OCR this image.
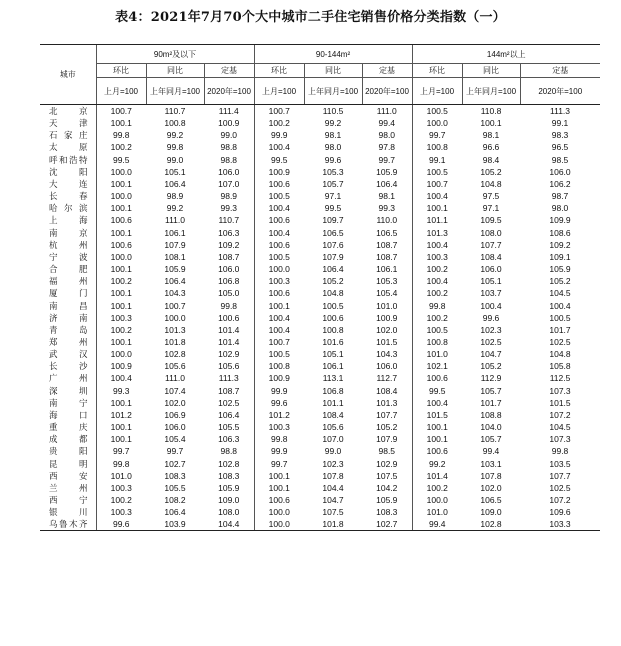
表4：2021年7月70个大中城市二手住宅销售价格分类指数（一）
城市	90m²及以下			90-144m²			144m²以上		
	环比	同比	定基	环比	同比	定基	环比	同比	定基
	上月=100	上年同月=100	2020年=100	上月=100	上年同月=100	2020年=100	上月=100	上年同月=100	2020年=100
北京	100.7	110.7	111.4	100.7	110.5	111.0	100.5	110.8	111.3
天津	100.1	100.8	100.9	100.2	99.2	99.4	100.0	100.1	99.1
石家庄	99.8	99.2	99.0	99.9	98.1	98.0	99.7	98.1	98.3
太原	100.2	99.8	98.8	100.4	98.0	97.8	100.8	96.6	96.5
呼和浩特	99.5	99.0	98.8	99.5	99.6	99.7	99.1	98.4	98.5
沈阳	100.0	105.1	106.0	100.9	105.3	105.9	100.5	105.2	106.0
大连	100.1	106.4	107.0	100.6	105.7	106.4	100.7	104.8	106.2
长春	100.0	98.9	98.9	100.5	97.1	98.1	100.4	97.5	98.7
哈尔滨	100.1	99.2	99.3	100.4	99.5	99.3	100.1	97.1	98.0
上海	100.6	111.0	110.7	100.6	109.7	110.0	101.1	109.5	109.9
南京	100.1	106.1	106.3	100.4	106.5	106.5	101.3	108.0	108.6
杭州	100.6	107.9	109.2	100.6	107.6	108.7	100.4	107.7	109.2
宁波	100.0	108.1	108.7	100.5	107.9	108.7	100.3	108.4	109.1
合肥	100.1	105.9	106.0	100.0	106.4	106.1	100.2	106.0	105.9
福州	100.2	106.4	106.8	100.3	105.2	105.3	100.4	105.1	105.2
厦门	100.1	104.3	105.0	100.6	104.8	105.4	100.2	103.7	104.5
南昌	100.1	100.7	99.8	100.1	100.5	101.0	99.8	100.4	100.4
济南	100.3	100.0	100.6	100.4	100.6	100.9	100.2	99.6	100.5
青岛	100.2	101.3	101.4	100.4	100.8	102.0	100.5	102.3	101.7
郑州	100.1	101.8	101.4	100.7	101.6	101.5	100.8	102.5	102.5
武汉	100.0	102.8	102.9	100.5	105.1	104.3	101.0	104.7	104.8
长沙	100.9	105.6	105.6	100.8	106.1	106.0	102.1	105.2	105.8
广州	100.4	111.0	111.3	100.9	113.1	112.7	100.6	112.9	112.5
深圳	99.3	107.4	108.7	99.9	106.8	108.4	99.5	105.7	107.3
南宁	100.1	102.0	102.5	99.6	101.1	101.3	100.4	101.7	101.5
海口	101.2	106.9	106.4	101.2	108.4	107.7	101.5	108.8	107.2
重庆	100.1	106.0	105.5	100.3	105.6	105.2	100.1	104.0	104.5
成都	100.1	105.4	106.3	99.8	107.0	107.9	100.1	105.7	107.3
贵阳	99.7	99.7	98.8	99.9	99.0	98.5	100.6	99.4	99.8
昆明	99.8	102.7	102.8	99.7	102.3	102.9	99.2	103.1	103.5
西安	101.0	108.3	108.3	100.1	107.8	107.5	101.4	107.8	107.7
兰州	100.3	105.5	105.9	100.1	104.4	104.2	100.2	102.0	102.5
西宁	100.2	108.2	109.0	100.6	104.7	105.9	100.0	106.5	107.2
银川	100.3	106.4	108.0	100.0	107.5	108.3	101.0	109.0	109.6
乌鲁木齐	99.6	103.9	104.4	100.0	101.8	102.7	99.4	102.8	103.3
